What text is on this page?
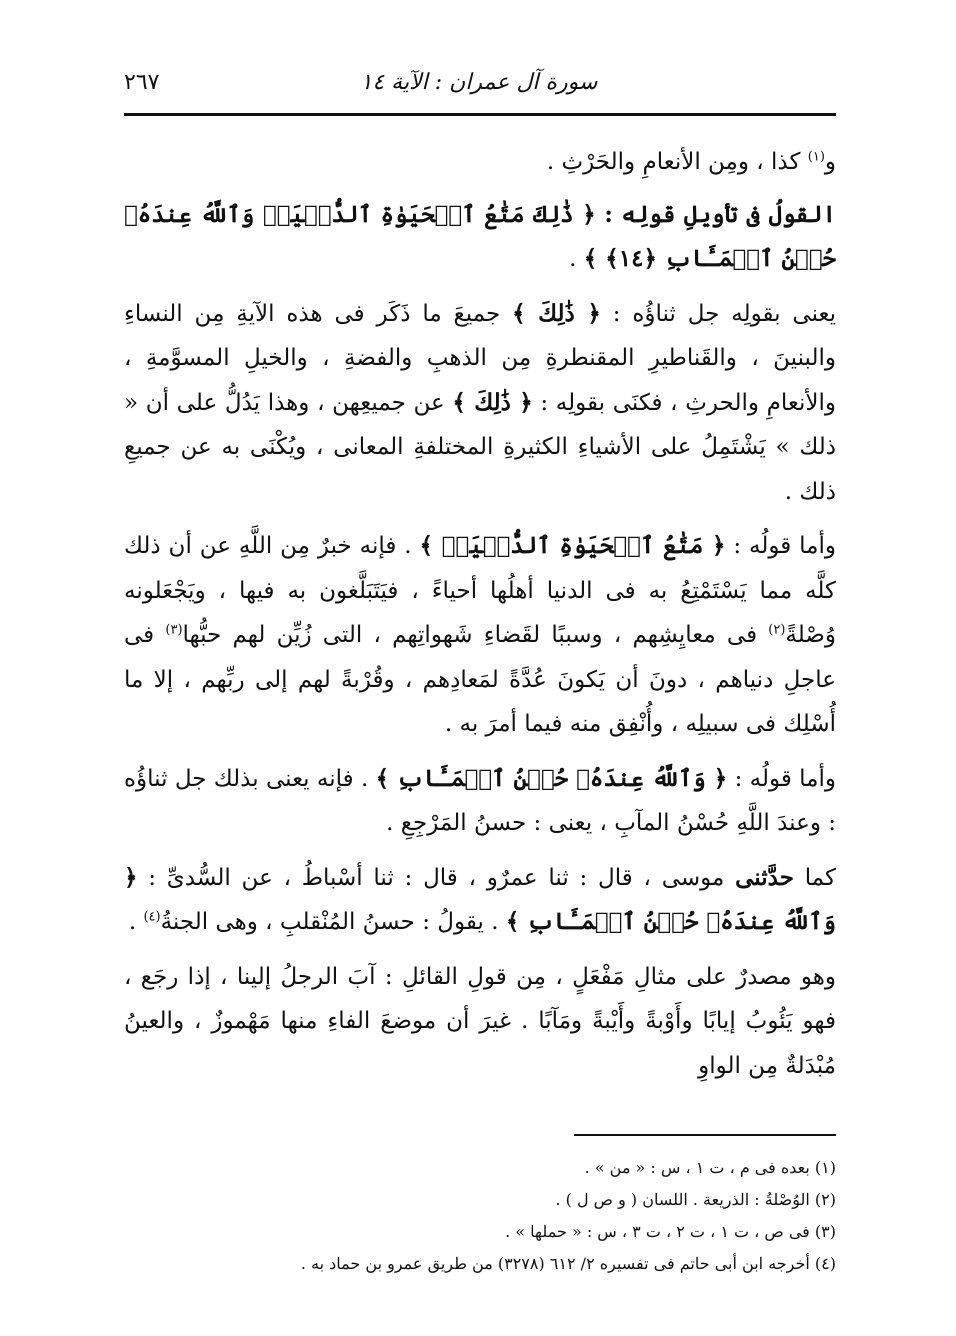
سورة آل عمران : الآية ١٤
٢٦٧

و$^{(١)}$ كذا ، ومِن الأنعامِ والحَرْثِ .

القولُ فى تأويلِ قولِه : ﴿ ذَٰلِكَ مَتَٰعُ ٱلۡحَيَوٰةِ ٱلدُّنۡيَاۖ وَٱللَّهُ عِندَهُۥ حُسۡنُ ٱلۡمَـَٔابِ ﴿١٤﴾ ﴾ .

يعنى بقولِه جل ثناؤُه : ﴿ ذَٰلِكَ ﴾ جميعَ ما ذَكَر فى هذه الآيةِ مِن النساءِ والبنينَ ، والقَناطيرِ المقنطرةِ مِن الذهبِ والفضةِ ، والخيلِ المسوَّمةِ ، والأنعامِ والحرثِ ، فكنَى بقولِه : ﴿ ذَٰلِكَ ﴾ عن جميعِهن ، وهذا يَدُلُّ على أن « ذلك » يَشْتَمِلُ على الأشياءِ الكثيرةِ المختلفةِ المعانى ، ويُكْنَى به عن جميعِ ذلك .

وأما قولُه : ﴿ مَتَٰعُ ٱلۡحَيَوٰةِ ٱلدُّنۡيَاۖ ﴾ . فإنه خبرٌ مِن اللَّهِ عن أن ذلك كلَّه مما يَسْتَمْتِعُ به فى الدنيا أهلُها أحياءً ، فيَتَبَلَّغون به فيها ، ويَجْعَلونه وُصْلةً$^{(٢)}$ فى معايِشِهم ، وسببًا لقَضاءِ شَهواتِهم ، التى زُيِّن لهم حبُّها$^{(٣)}$ فى عاجلِ دنياهم ، دونَ أن يَكونَ عُدَّةً لمَعادِهم ، وقُرْبةً لهم إلى ربِّهم ، إلا ما أُسْلِك فى سبيلِه ، وأُنْفِق منه فيما أمرَ به .

وأما قولُه : ﴿ وَٱللَّهُ عِندَهُۥ حُسۡنُ ٱلۡمَـَٔابِ ﴾ . فإنه يعنى بذلك جل ثناؤُه : وعندَ اللَّهِ حُسْنُ المآبِ ، يعنى : حسنُ المَرْجِعِ .

كما حدَّثنى موسى ، قال : ثنا عمرٌو ، قال : ثنا أسْباطُ ، عن السُّدىِّ : ﴿ وَٱللَّهُ عِندَهُۥ حُسۡنُ ٱلۡمَـَٔابِ ﴾ . يقولُ : حسنُ المُنْقلبِ ، وهى الجنةُ$^{(٤)}$ .

وهو مصدرٌ على مثالِ مَفْعَلٍ ، مِن قولِ القائلِ : آبَ الرجلُ إلينا ، إذا رجَع ، فهو يَئُوبُ إيابًا وأَوْبةً وأَيْبةً ومَآبًا . غيرَ أن موضعَ الفاءِ منها مَهْموزٌ ، والعينُ مُبْدَلةٌ مِن الواوِ

(١) بعده فى م ، ت ١ ، س : « من » .
(٢) الوُصْلةُ : الذريعة . اللسان ( و ص ل ) .
(٣) فى ص ، ت ١ ، ت ٢ ، ت ٣ ، س : « حملها » .
(٤) أخرجه ابن أبى حاتم فى تفسيره ٢/ ٦١٢ (٣٢٧٨) من طريق عمرو بن حماد به .
